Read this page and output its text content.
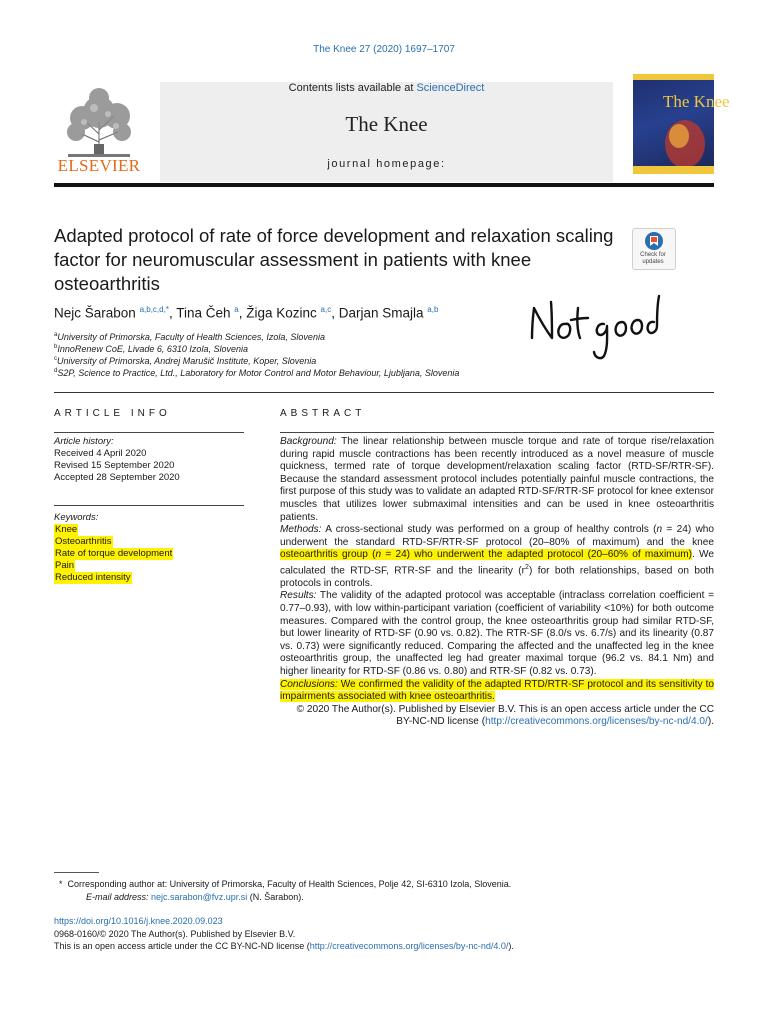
The Knee 27 (2020) 1697–1707
Contents lists available at ScienceDirect
The Knee
journal homepage:
ELSEVIER
The Knee
Adapted protocol of rate of force development and relaxation scaling factor for neuromuscular assessment in patients with knee osteoarthritis
Check for updates
Nejc Šarabon $^{a,b,c,d,*}$, Tina Čeh $^a$, Žiga Kozinc $^{a,c}$, Darjan Smajla $^{a,b}$
$^a$University of Primorska, Faculty of Health Sciences, Izola, Slovenia
$^b$InnoRenew CoE, Livade 6, 6310 Izola, Slovenia
$^c$University of Primorska, Andrej Marušič Institute, Koper, Slovenia
$^d$S2P, Science to Practice, Ltd., Laboratory for Motor Control and Motor Behaviour, Ljubljana, Slovenia
ARTICLE INFO
Article history:
Received 4 April 2020
Revised 15 September 2020
Accepted 28 September 2020
Keywords:
Knee
Osteoarthritis
Rate of torque development
Pain
Reduced intensity
ABSTRACT

Background: The linear relationship between muscle torque and rate of torque rise/relaxation during rapid muscle contractions has been recently introduced as a novel measure of muscle quickness, termed rate of torque development/relaxation scaling factor (RTD-SF/RTR-SF). Because the standard assessment protocol includes potentially painful muscle contractions, the first purpose of this study was to validate an adapted RTD-SF/RTR-SF protocol for knee extensor muscles that utilizes lower submaximal intensities and can be used in knee osteoarthritis patients.

Methods: A cross-sectional study was performed on a group of healthy controls (n = 24) who underwent the standard RTD-SF/RTR-SF protocol (20–80% of maximum) and the knee osteoarthritis group (n = 24) who underwent the adapted protocol (20–60% of maximum). We calculated the RTD-SF, RTR-SF and the linearity $(r^2)$ for both relationships, based on both protocols in controls.

Results: The validity of the adapted protocol was acceptable (intraclass correlation coefficient = 0.77–0.93), with low within-participant variation (coefficient of variability <10%) for both outcome measures. Compared with the control group, the knee osteoarthritis group had similar RTD-SF, but lower linearity of RTD-SF (0.90 vs. 0.82). The RTR-SF (8.0/s vs. 6.7/s) and its linearity (0.87 vs. 0.73) were significantly reduced. Comparing the affected and the unaffected leg in the knee osteoarthritis group, the unaffected leg had greater maximal torque (96.2 vs. 84.1 Nm) and higher linearity for RTD-SF (0.86 vs. 0.80) and RTR-SF (0.82 vs. 0.73).

Conclusions: We confirmed the validity of the adapted RTD/RTR-SF protocol and its sensitivity to impairments associated with knee osteoarthritis.

© 2020 The Author(s). Published by Elsevier B.V. This is an open access article under the CC BY-NC-ND license (http://creativecommons.org/licenses/by-nc-nd/4.0/).

* Corresponding author at: University of Primorska, Faculty of Health Sciences, Polje 42, SI-6310 Izola, Slovenia.
E-mail address: nejc.sarabon@fvz.upr.si (N. Šarabon).
https://doi.org/10.1016/j.knee.2020.09.023
0968-0160/© 2020 The Author(s). Published by Elsevier B.V.
This is an open access article under the CC BY-NC-ND license (http://creativecommons.org/licenses/by-nc-nd/4.0/).
